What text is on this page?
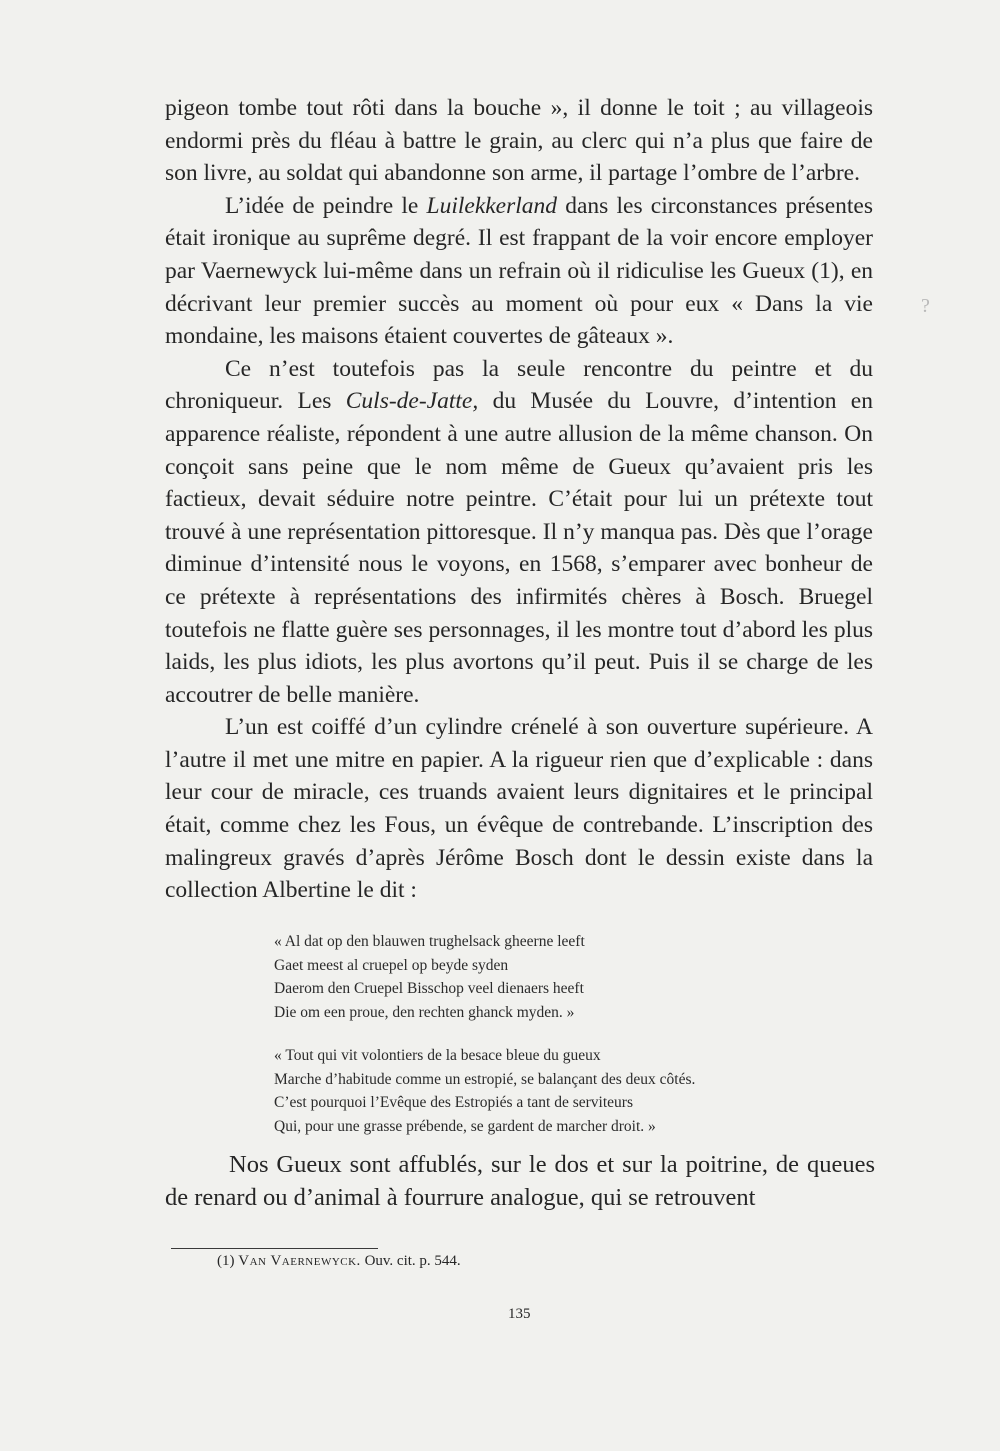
pigeon tombe tout rôti dans la bouche », il donne le toit ; au villageois endormi près du fléau à battre le grain, au clerc qui n’a plus que faire de son livre, au soldat qui abandonne son arme, il partage l’ombre de l’arbre.

L’idée de peindre le Luilekkerland dans les circonstances présentes était ironique au suprême degré. Il est frappant de la voir encore employer par Vaernewyck lui-même dans un refrain où il ridiculise les Gueux (1), en décrivant leur premier succès au moment où pour eux « Dans la vie mondaine, les maisons étaient couvertes de gâteaux ».

Ce n’est toutefois pas la seule rencontre du peintre et du chroniqueur. Les Culs-de-Jatte, du Musée du Louvre, d’intention en apparence réaliste, répondent à une autre allusion de la même chanson. On conçoit sans peine que le nom même de Gueux qu’avaient pris les factieux, devait séduire notre peintre. C’était pour lui un prétexte tout trouvé à une représentation pittoresque. Il n’y manqua pas. Dès que l’orage diminue d’intensité nous le voyons, en 1568, s’emparer avec bonheur de ce prétexte à représentations des infirmités chères à Bosch. Bruegel toutefois ne flatte guère ses personnages, il les montre tout d’abord les plus laids, les plus idiots, les plus avortons qu’il peut. Puis il se charge de les accoutrer de belle manière.

L’un est coiffé d’un cylindre crénelé à son ouverture supérieure. A l’autre il met une mitre en papier. A la rigueur rien que d’explicable : dans leur cour de miracle, ces truands avaient leurs dignitaires et le principal était, comme chez les Fous, un évêque de contrebande. L’inscription des malingreux gravés d’après Jérôme Bosch dont le dessin existe dans la collection Albertine le dit :

« Al dat op den blauwen trughelsack gheerne leeft
Gaet meest al cruepel op beyde syden
Daerom den Cruepel Bisschop veel dienaers heeft
Die om een proue, den rechten ghanck myden. »
« Tout qui vit volontiers de la besace bleue du gueux
Marche d’habitude comme un estropié, se balançant des deux côtés.
C’est pourquoi l’Evêque des Estropiés a tant de serviteurs
Qui, pour une grasse prébende, se gardent de marcher droit. »

Nos Gueux sont affublés, sur le dos et sur la poitrine, de queues de renard ou d’animal à fourrure analogue, qui se retrouvent

(1) Van Vaernewyck. Ouv. cit. p. 544.
135
?
